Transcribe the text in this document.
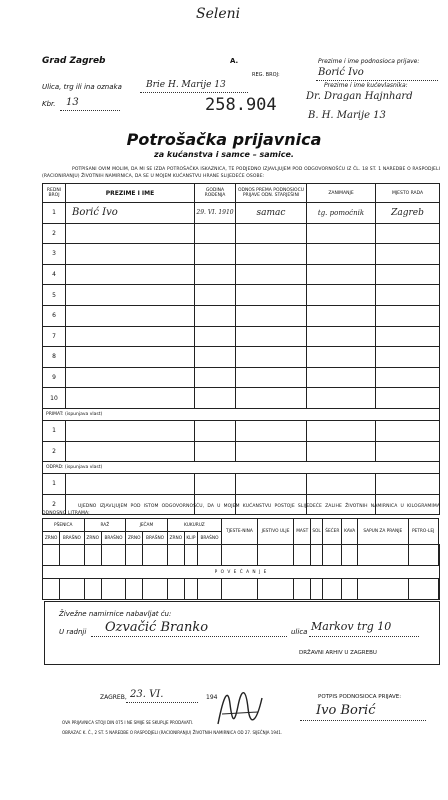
Seleni
Grad Zagreb	A.
REG. BROJ:
Ulica, trg ili ina oznaka	Brie H. Marije 13
Kbr. 13	258.904
Prezime i ime podnosioca prijave:
Borić Ivo
Prezime i ime kućevlasnika:
Dr. Dragan Hajnhard
B. H. Marije 13
Potrošačka prijavnica
za kućanstva i samce – samice.
POTPISANI OVIM MOLIM, DA MI SE IZDA POTROŠAČKA ISKAZNICA, TE PODJEDNO IZJAVLJUJEM POD ODGOVORNOŠĆU IZ ČL. 18 ST. 1 NAREDBE O RASPODJELI (RACIONIRANJU) ŽIVOTNIH NAMIRNICA, DA SE U MOJEM KUĆANSTVU HRANE SLIJEDEĆE OSOBE:
REDNI BROJ	PREZIME I IME	GODINA ROĐENJA	ODNOS PREMA PODNOSIOCU PRIJAVE ODN. STARJEŠINI	ZANIMANJE	MJESTO RADA
1	Borić Ivo	29. VI. 1910	samac	tg. pomoćnik	Zagreb
2					
3					
4					
5					
6					
7					
8					
9					
10					
PRIMAT: (ispunjava vlast)					
1					
2					
ODPAD: (ispunjava vlast)					
1					
2						UJEDNO IZJAVLJUJEM POD ISTOM ODGOVORNOŠĆU, DA U MOJEM KUĆANSTVU POSTOJE SLIJEDEĆE ZALIHE ŽIVOTNIH NAMIRNICA U KILOGRAMIMA ODNOSNO LITRAMA:
PŠENICA		RAŽ		JEČAM		KUKURUZ			TJESTE-NINA	JESTIVO ULJE	MAST	SOL	ŠEĆER	KAVA	SAPUN ZA PRANJE	PETRO-LEJ	
ZRNO	BRAŠNO	ZRNO	BRAŠNO	ZRNO	BRAŠNO	ZRNO	KLIP	BRAŠNO									

P O V E Ć A N J E																	

Živežne namirnice nabavljat ću:
U radnji Ozvačić Branko	ulica Markov trg 10
DRŽAVNI ARHIV U ZAGREBU
ZAGREB, 23. VI.	194	POTPIS PODNOSIOCA PRIJAVE:
Ivo Borić
OVA PRIJAVNICA STOJI DIN 075 I NE SMIJE SE SKUPLJE PRODAVATI.
OBRAZAC K. Č., 2 ST. 5 NAREDBE O RASPODJELI (RACIONIRANJU) ŽIVOTNIH NAMIRNICA OD 27. SIJEČNJA 1941.
